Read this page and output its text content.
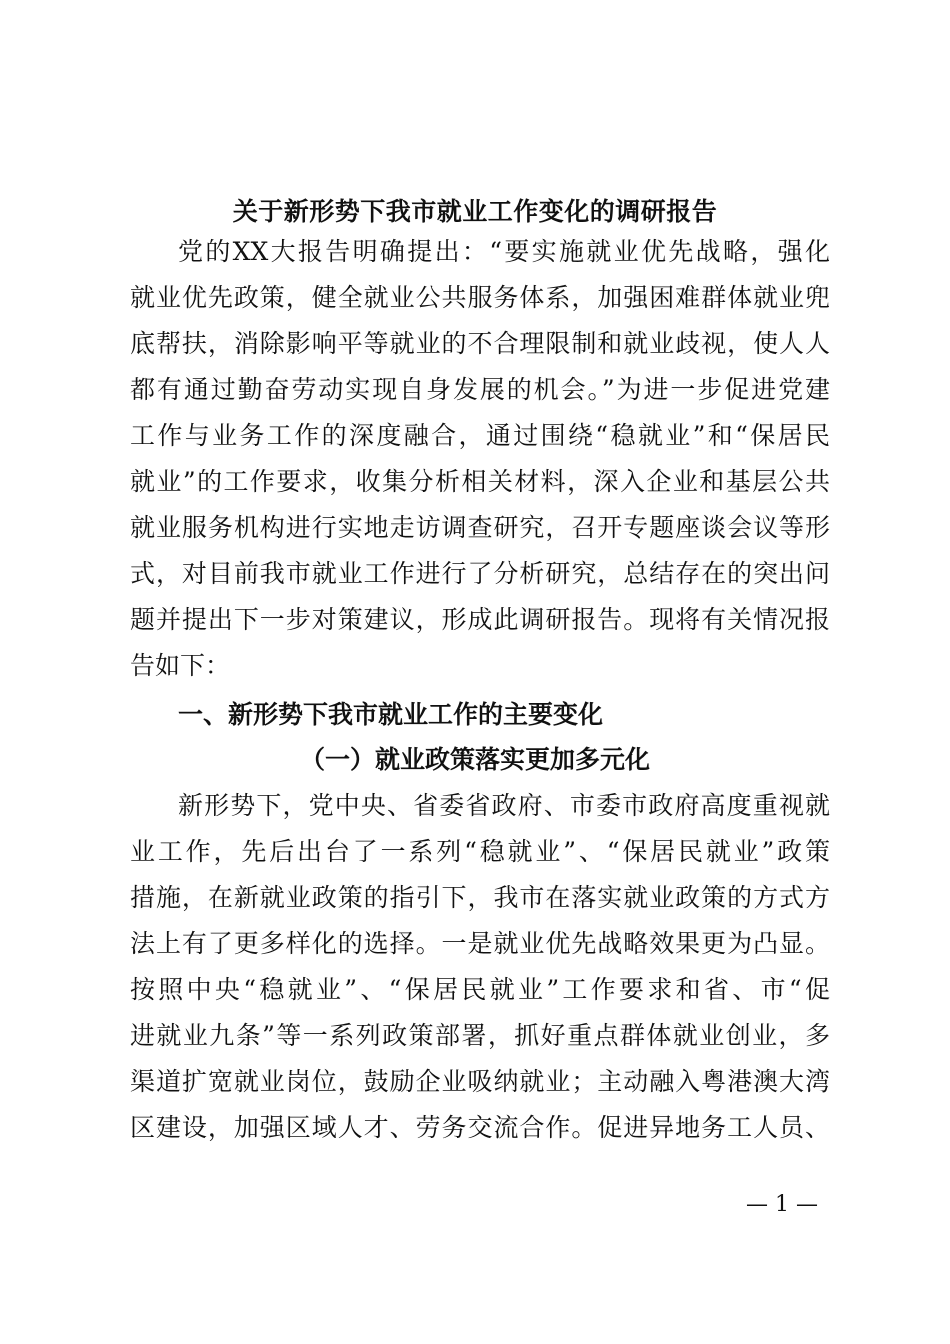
关于新形势下我市就业工作变化的调研报告

党的XX大报告明确提出：“要实施就业优先战略，强化

就业优先政策，健全就业公共服务体系，加强困难群体就业兜

底帮扶，消除影响平等就业的不合理限制和就业歧视，使人人

都有通过勤奋劳动实现自身发展的机会。”为进一步促进党建

工作与业务工作的深度融合，通过围绕“稳就业”和“保居民

就业”的工作要求，收集分析相关材料，深入企业和基层公共

就业服务机构进行实地走访调查研究，召开专题座谈会议等形

式，对目前我市就业工作进行了分析研究，总结存在的突出问

题并提出下一步对策建议，形成此调研报告。现将有关情况报

告如下：

一、新形势下我市就业工作的主要变化
（一）就业政策落实更加多元化

新形势下，党中央、省委省政府、市委市政府高度重视就

业工作，先后出台了一系列“稳就业”、“保居民就业”政策

措施，在新就业政策的指引下，我市在落实就业政策的方式方

法上有了更多样化的选择。一是就业优先战略效果更为凸显。

按照中央“稳就业”、“保居民就业”工作要求和省、市“促

进就业九条”等一系列政策部署，抓好重点群体就业创业，多

渠道扩宽就业岗位，鼓励企业吸纳就业；主动融入粤港澳大湾

区建设，加强区域人才、劳务交流合作。促进异地务工人员、

— 1 —
